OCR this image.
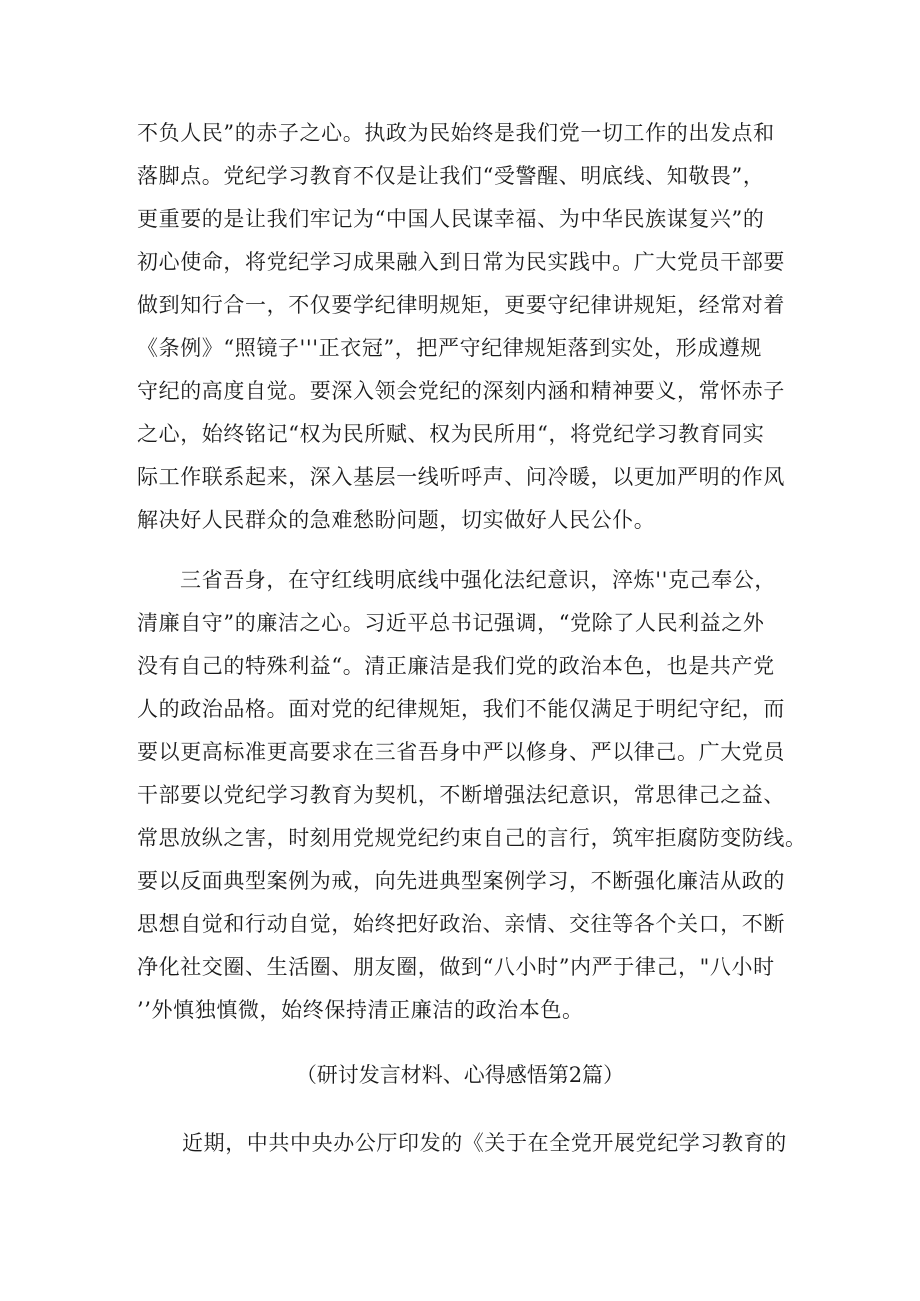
不负人民”的赤子之心。执政为民始终是我们党一切工作的出发点和
落脚点。党纪学习教育不仅是让我们“受警醒、明底线、知敬畏”，
更重要的是让我们牢记为“中国人民谋幸福、为中华民族谋复兴”的
初心使命，将党纪学习成果融入到日常为民实践中。广大党员干部要
做到知行合一，不仅要学纪律明规矩，更要守纪律讲规矩，经常对着
《条例》“照镜子'''正衣冠”，把严守纪律规矩落到实处，形成遵规
守纪的高度自觉。要深入领会党纪的深刻内涵和精神要义，常怀赤子
之心，始终铭记“权为民所赋、权为民所用“，将党纪学习教育同实
际工作联系起来，深入基层一线听呼声、问冷暖，以更加严明的作风
解决好人民群众的急难愁盼问题，切实做好人民公仆。
三省吾身，在守红线明底线中强化法纪意识，淬炼''克己奉公，
清廉自守”的廉洁之心。习近平总书记强调，“党除了人民利益之外
没有自己的特殊利益“。清正廉洁是我们党的政治本色，也是共产党
人的政治品格。面对党的纪律规矩，我们不能仅满足于明纪守纪，而
要以更高标准更高要求在三省吾身中严以修身、严以律己。广大党员
干部要以党纪学习教育为契机，不断增强法纪意识，常思律己之益、
常思放纵之害，时刻用党规党纪约束自己的言行，筑牢拒腐防变防线。
要以反面典型案例为戒，向先进典型案例学习，不断强化廉洁从政的
思想自觉和行动自觉，始终把好政治、亲情、交往等各个关口，不断
净化社交圈、生活圈、朋友圈，做到“八小时”内严于律己，"八小时
’’外慎独慎微，始终保持清正廉洁的政治本色。
（研讨发言材料、心得感悟第2篇）
近期，中共中央办公厅印发的《关于在全党开展党纪学习教育的
